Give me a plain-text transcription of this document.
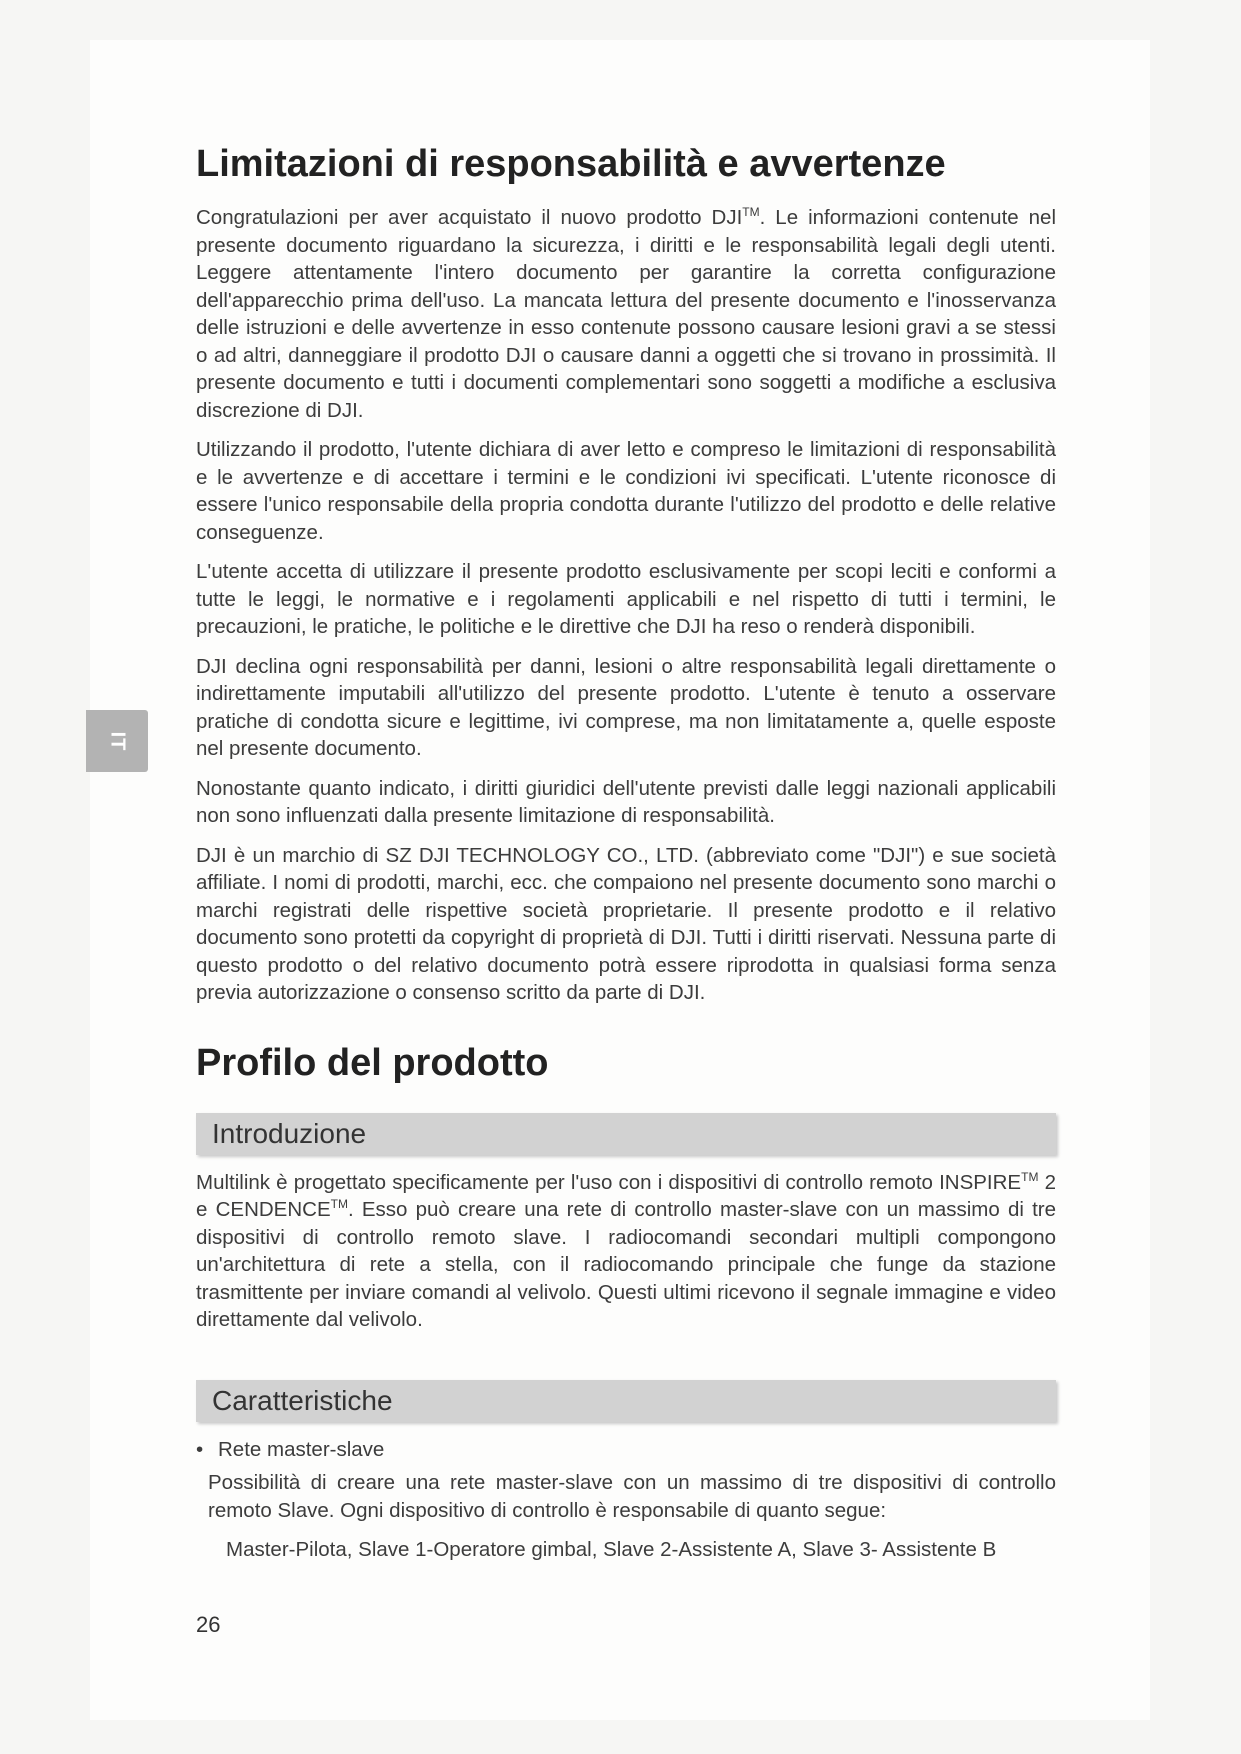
IT
Limitazioni di responsabilità e avvertenze

Congratulazioni per aver acquistato il nuovo prodotto DJI™. Le informazioni contenute nel presente documento riguardano la sicurezza, i diritti e le responsabilità legali degli utenti. Leggere attentamente l'intero documento per garantire la corretta configurazione dell'apparecchio prima dell'uso. La mancata lettura del presente documento e l'inosservanza delle istruzioni e delle avvertenze in esso contenute possono causare lesioni gravi a se stessi o ad altri, danneggiare il prodotto DJI o causare danni a oggetti che si trovano in prossimità. Il presente documento e tutti i documenti complementari sono soggetti a modifiche a esclusiva discrezione di DJI.

Utilizzando il prodotto, l'utente dichiara di aver letto e compreso le limitazioni di responsabilità e le avvertenze e di accettare i termini e le condizioni ivi specificati. L'utente riconosce di essere l'unico responsabile della propria condotta durante l'utilizzo del prodotto e delle relative conseguenze.

L'utente accetta di utilizzare il presente prodotto esclusivamente per scopi leciti e conformi a tutte le leggi, le normative e i regolamenti applicabili e nel rispetto di tutti i termini, le precauzioni, le pratiche, le politiche e le direttive che DJI ha reso o renderà disponibili.

DJI declina ogni responsabilità per danni, lesioni o altre responsabilità legali direttamente o indirettamente imputabili all'utilizzo del presente prodotto. L'utente è tenuto a osservare pratiche di condotta sicure e legittime, ivi comprese, ma non limitatamente a, quelle esposte nel presente documento.

Nonostante quanto indicato, i diritti giuridici dell'utente previsti dalle leggi nazionali applicabili non sono influenzati dalla presente limitazione di responsabilità.

DJI è un marchio di SZ DJI TECHNOLOGY CO., LTD. (abbreviato come "DJI") e sue società affiliate. I nomi di prodotti, marchi, ecc. che compaiono nel presente documento sono marchi o marchi registrati delle rispettive società proprietarie. Il presente prodotto e il relativo documento sono protetti da copyright di proprietà di DJI. Tutti i diritti riservati. Nessuna parte di questo prodotto o del relativo documento potrà essere riprodotta in qualsiasi forma senza previa autorizzazione o consenso scritto da parte di DJI.

Profilo del prodotto
Introduzione

Multilink è progettato specificamente per l'uso con i dispositivi di controllo remoto INSPIRE™ 2 e CENDENCE™. Esso può creare una rete di controllo master-slave con un massimo di tre dispositivi di controllo remoto slave. I radiocomandi secondari multipli compongono un'architettura di rete a stella, con il radiocomando principale che funge da stazione trasmittente per inviare comandi al velivolo. Questi ultimi ricevono il segnale immagine e video direttamente dal velivolo.

Caratteristiche
• Rete master-slave

Possibilità di creare una rete master-slave con un massimo di tre dispositivi di controllo remoto Slave. Ogni dispositivo di controllo è responsabile di quanto segue:

Master-Pilota, Slave 1-Operatore gimbal, Slave 2-Assistente A, Slave 3- Assistente B

26
